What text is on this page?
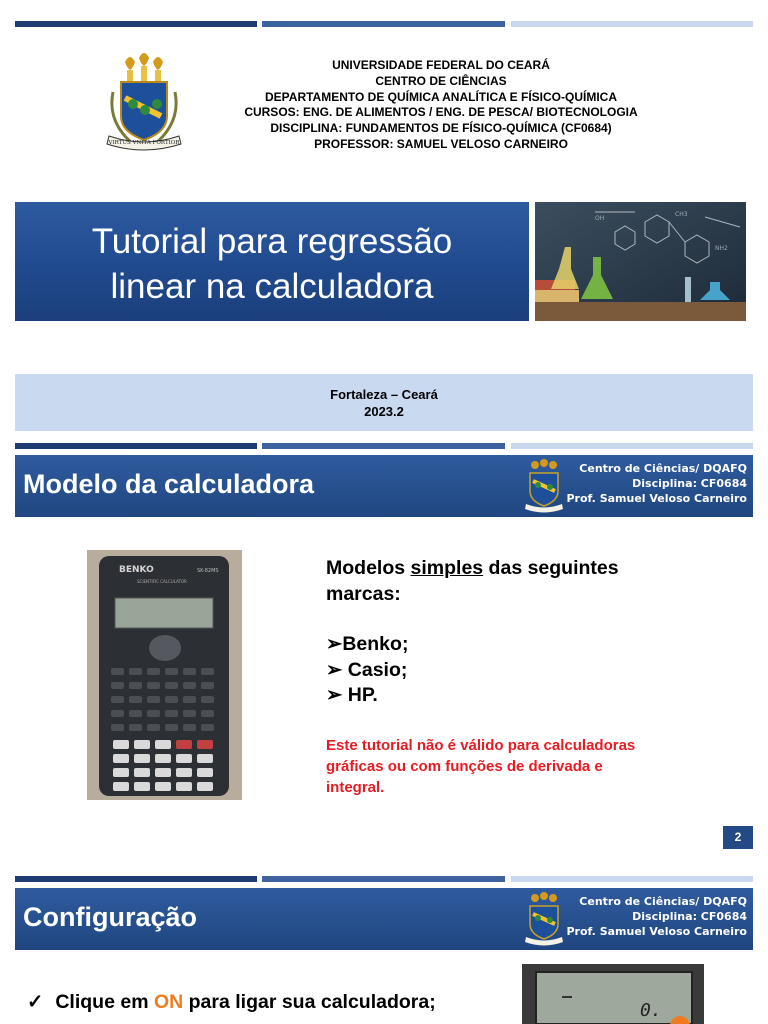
VIRTUS VNITA FORTIOR
UNIVERSIDADE FEDERAL DO CEARÁ
CENTRO DE CIÊNCIAS
DEPARTAMENTO DE QUÍMICA ANALÍTICA E FÍSICO-QUÍMICA
CURSOS: ENG. DE ALIMENTOS / ENG. DE PESCA/ BIOTECNOLOGIA
DISCIPLINA: FUNDAMENTOS DE FÍSICO-QUÍMICA (CF0684)
PROFESSOR: SAMUEL VELOSO CARNEIRO
Tutorial para regressão
linear na calculadora
OH
NH2
CH3
Fortaleza – Ceará
2023.2
Modelo da calculadora
Centro de Ciências/ DQAFQ
Disciplina: CF0684
Prof. Samuel Veloso Carneiro
BENKO	SK-82MS
SCIENTIFIC CALCULATOR
Modelos simples das seguintes marcas:
➢Benko;
➢ Casio;
➢ HP.
Este tutorial não é válido para calculadoras gráficas ou com funções de derivada e integral.
2
Configuração
Centro de Ciências/ DQAFQ
Disciplina: CF0684
Prof. Samuel Veloso Carneiro
✓ Clique em ON para ligar sua calculadora;	0.
